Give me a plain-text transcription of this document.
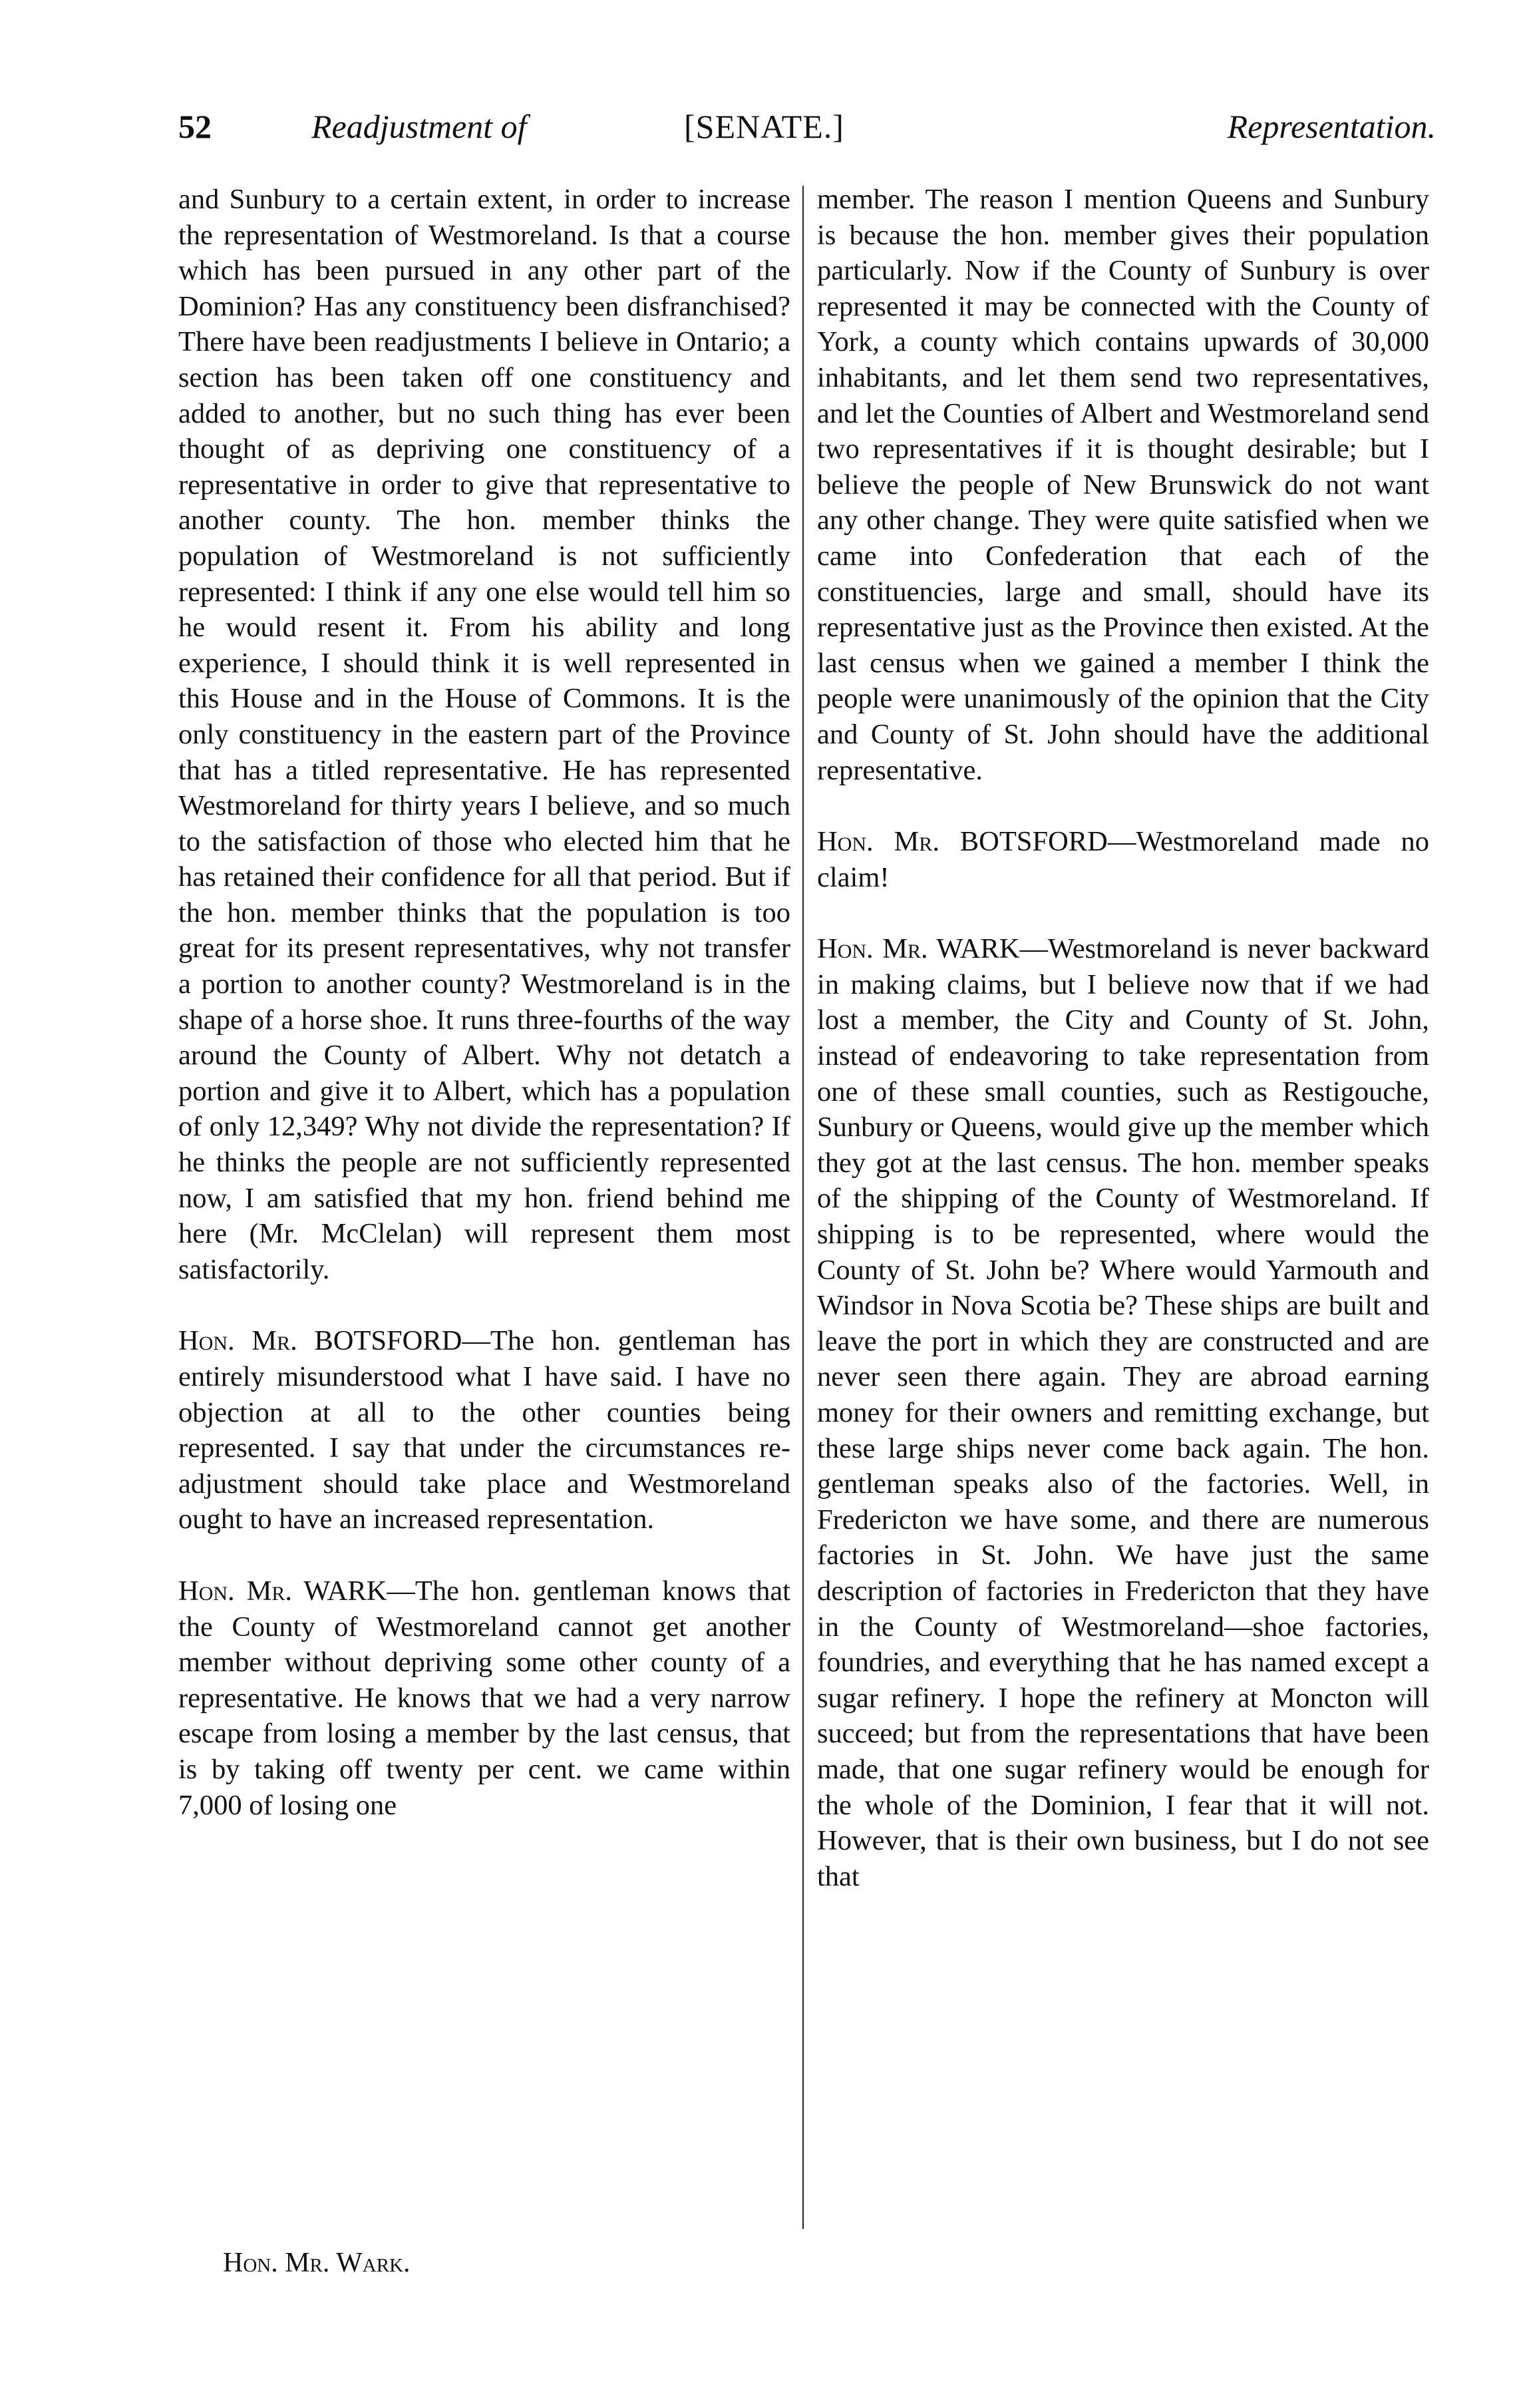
52	Readjustment of	[SENATE.]	Representation.

and Sunbury to a certain extent, in order to increase the representation of Westmoreland. Is that a course which has been pursued in any other part of the Dominion? Has any constituency been disfranchised? There have been readjustments I believe in Ontario; a section has been taken off one constituency and added to another, but no such thing has ever been thought of as depriving one constituency of a representative in order to give that representative to another county. The hon. member thinks the population of Westmoreland is not sufficiently represented: I think if any one else would tell him so he would resent it. From his ability and long experience, I should think it is well represented in this House and in the House of Commons. It is the only constituency in the eastern part of the Province that has a titled representative. He has represented Westmoreland for thirty years I believe, and so much to the satisfaction of those who elected him that he has retained their confidence for all that period. But if the hon. member thinks that the population is too great for its present representatives, why not transfer a portion to another county? Westmoreland is in the shape of a horse shoe. It runs three-fourths of the way around the County of Albert. Why not detatch a portion and give it to Albert, which has a population of only 12,349? Why not divide the representation? If he thinks the people are not sufficiently represented now, I am satisfied that my hon. friend behind me here (Mr. McClelan) will represent them most satisfactorily.

Hon. Mr. BOTSFORD—The hon. gentleman has entirely misunderstood what I have said. I have no objection at all to the other counties being represented. I say that under the circumstances readjustment should take place and Westmoreland ought to have an increased representation.

Hon. Mr. WARK—The hon. gentleman knows that the County of Westmoreland cannot get another member without depriving some other county of a representative. He knows that we had a very narrow escape from losing a member by the last census, that is by taking off twenty per cent. we came within 7,000 of losing one

member. The reason I mention Queens and Sunbury is because the hon. member gives their population particularly. Now if the County of Sunbury is over represented it may be connected with the County of York, a county which contains upwards of 30,000 inhabitants, and let them send two representatives, and let the Counties of Albert and Westmoreland send two representatives if it is thought desirable; but I believe the people of New Brunswick do not want any other change. They were quite satisfied when we came into Confederation that each of the constituencies, large and small, should have its representative just as the Province then existed. At the last census when we gained a member I think the people were unanimously of the opinion that the City and County of St. John should have the additional representative.

Hon. Mr. BOTSFORD—Westmoreland made no claim!

Hon. Mr. WARK—Westmoreland is never backward in making claims, but I believe now that if we had lost a member, the City and County of St. John, instead of endeavoring to take representation from one of these small counties, such as Restigouche, Sunbury or Queens, would give up the member which they got at the last census. The hon. member speaks of the shipping of the County of Westmoreland. If shipping is to be represented, where would the County of St. John be? Where would Yarmouth and Windsor in Nova Scotia be? These ships are built and leave the port in which they are constructed and are never seen there again. They are abroad earning money for their owners and remitting exchange, but these large ships never come back again. The hon. gentleman speaks also of the factories. Well, in Fredericton we have some, and there are numerous factories in St. John. We have just the same description of factories in Fredericton that they have in the County of Westmoreland—shoe factories, foundries, and everything that he has named except a sugar refinery. I hope the refinery at Moncton will succeed; but from the representations that have been made, that one sugar refinery would be enough for the whole of the Dominion, I fear that it will not. However, that is their own business, but I do not see that

Hon. Mr. Wark.
